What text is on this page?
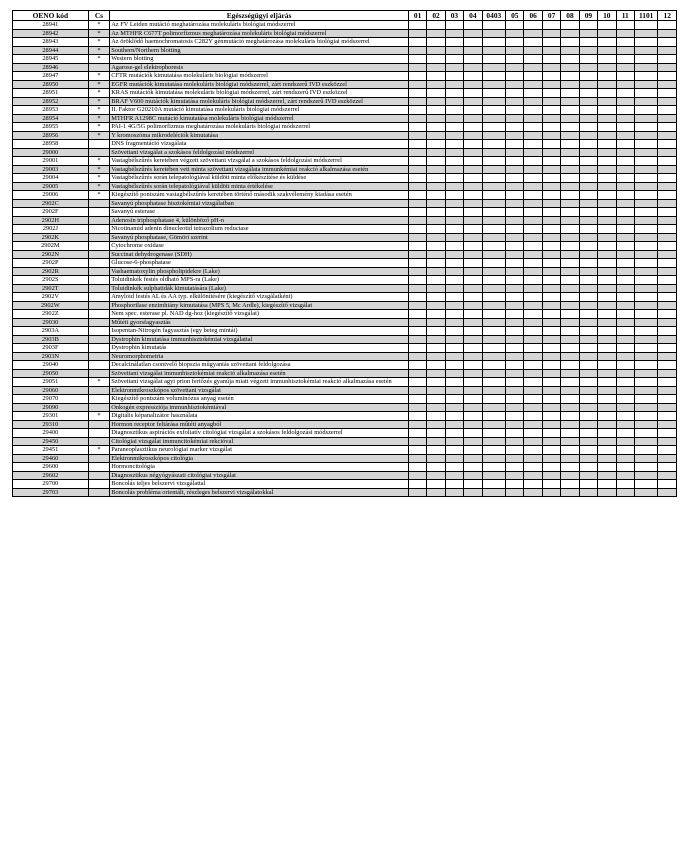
OENO kód	Cs	Egészségügyi eljárás	01	02	03	04	0403	05	06	07	08	09	10	11	1101	12
28941	*	Az FV Leiden mutáció meghatározása molekuláris biológiai módszerrel														
28942	*	Az MTHFR C677T polimorfizmus meghatározása molekuláris biológiai módszerrel														
28943	*	Az öröklődő haemochromatosis C282Y génmutáció meghatározása molekuláris biológiai módszerrel														
28944	*	Southern/Northern blotting														
28945	*	Western blotting														
28946		Agarose-gel elektrophoresis														
28947	*	CFTR mutációk kimutatása molekuláris biológiai módszerrel														
28950	*	EGFR mutációk kimutatása molekuláris biológiai módszerrel, zárt rendszerű IVD eszközzel														
28951	*	KRAS mutációk kimutatása molekuláris biológiai módszerrel, zárt rendszerű IVD eszközzel														
28952	*	BRAF V600 mutációk kimutatása molekuláris biológiai módszerrel, zárt rendszerű IVD eszközzel														
28953	*	II. Faktor G20210A mutáció kimutatása molekuláris biológiai módszerrel														
28954	*	MTHFR A1298C mutáció kimutatása molekuláris biológiai módszerrel														
28955	*	PAI-1 4G/5G polimorfizmus meghatározása molekuláris biológiai módszerrel														
28956	*	Y kromoszóma mikrodeléciók kimutatása														
28958		DNS fragmentáció vizsgálata														
29000		Szövettani vizsgálat a szokásos feldolgozási módszerrel														
29001	*	Vastagbélszűrés keretében végzett szövettani vizsgálat a szokásos feldolgozási módszerrel														
29003	*	Vastagbélszűrés keretében vett minta szövettani vizsgálata immunkémiai reakció alkalmazása esetén														
29004	*	Vastagbélszűrés során telepatológiával küldött minta előkészítése és küldése														
29005	*	Vastagbélszűrés során telepatológiával küldött minta értékelése														
29006	*	Kiegészítő pontszám vastagbélszűrés keretében történő második szakvélemény kiadása esetén														
2902C		Savanyú phosphatase hisztokémiai vizsgálatban														
2902F		Savanyú esterase														
2902H		Adenosin triphosphatase 4, különböző pH-n														
2902J		Nicotinamid adenin dinucleotid tetrazolium reductase														
2902K		Savanyú phosphatase, Gömöri szerint														
2902M		Cytochrome oxidase														
2902N		Succinat dehydrogenase (SDH)														
2902P		Glucose-6-phosphatase														
2902R		Vashaematoxylin phospholipidekre (Lake)														
2902S		Toluidinkék festés oldható MPS-ra (Lake)														
2902T		Toluidinkék sulphatidák kimutatására (Lake)														
2902V		Amyloid festés AL és AA typ. elkülönítésére (kiegészítő vizsgálatként)														
2902W		Phosphorilase enzimhiány kimutatása (MPS 5, Mc Ardle), kiegészítő vizsgálat														
2902Z		Nem spec. esterase pl. NAD dg-hoz (kiegészítő vizsgálat)														
29030		Műtéti gyorsfagyasztás														
2903A		Isopentan-Nitrogén fagyasztás (egy beteg mintái)														
2903B		Dystrophin kimutatása immunhisztokémiai vizsgálattal														
2903F		Dystrophin kimutatás														
2903N		Neuromorphometria														
29040		Decalcinálatlan csontvelő biopszia műgyantás szövettani feldolgozása														
29050		Szövettani vizsgálat immunhisztokémiai reakció alkalmazása esetén														
29051	*	Szövettani vizsgálat agyi prion fertőzés gyanúja miatt végzett immunhisztokémiai reakció alkalmazása esetén														
29060		Elektronmikroszkópos szövettani vizsgálat														
29070		Kiegészítő pontszám voluminózus anyag esetén														
29090		Onkogén expressziója immunhisztokémiával														
29301	*	Digitális képanalizátor használata														
29310		Hormon receptor feltárása műtéti anyagból														
29400		Diagnosztikus aspirációs exfoliatív citológiai vizsgálat a szokásos feldolgozási módszerrel														
29450		Citológiai vizsgálat immuncitokémiai rekcióval														
29451	*	Paraneoplasztikus neurológiai marker vizsgálat														
29460		Elektronmikroszkópos citológia														
29600		Hormoncitológia														
29602		Diagnosztikus négyógyászati citológiai vizsgálat														
29700		Boncolás teljes belszervi vizsgálattal														
29703		Boncolás probléma orientált, részleges belszervi vizsgálatokkal														
